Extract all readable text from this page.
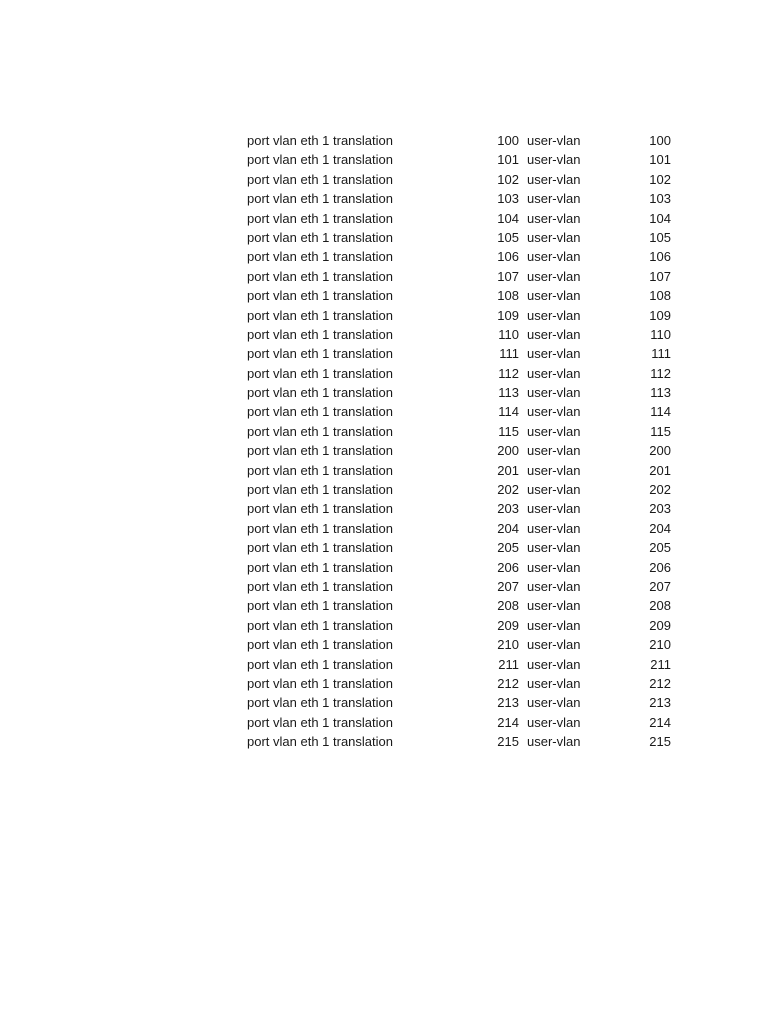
port vlan eth 1 translation	100 user-vlan	100
port vlan eth 1 translation	101 user-vlan	101
port vlan eth 1 translation	102 user-vlan	102
port vlan eth 1 translation	103 user-vlan	103
port vlan eth 1 translation	104 user-vlan	104
port vlan eth 1 translation	105 user-vlan	105
port vlan eth 1 translation	106 user-vlan	106
port vlan eth 1 translation	107 user-vlan	107
port vlan eth 1 translation	108 user-vlan	108
port vlan eth 1 translation	109 user-vlan	109
port vlan eth 1 translation	110 user-vlan	110
port vlan eth 1 translation	111 user-vlan	111
port vlan eth 1 translation	112 user-vlan	112
port vlan eth 1 translation	113 user-vlan	113
port vlan eth 1 translation	114 user-vlan	114
port vlan eth 1 translation	115 user-vlan	115
port vlan eth 1 translation	200 user-vlan	200
port vlan eth 1 translation	201 user-vlan	201
port vlan eth 1 translation	202 user-vlan	202
port vlan eth 1 translation	203 user-vlan	203
port vlan eth 1 translation	204 user-vlan	204
port vlan eth 1 translation	205 user-vlan	205
port vlan eth 1 translation	206 user-vlan	206
port vlan eth 1 translation	207 user-vlan	207
port vlan eth 1 translation	208 user-vlan	208
port vlan eth 1 translation	209 user-vlan	209
port vlan eth 1 translation	210 user-vlan	210
port vlan eth 1 translation	211 user-vlan	211
port vlan eth 1 translation	212 user-vlan	212
port vlan eth 1 translation	213 user-vlan	213
port vlan eth 1 translation	214 user-vlan	214
port vlan eth 1 translation	215 user-vlan	215
